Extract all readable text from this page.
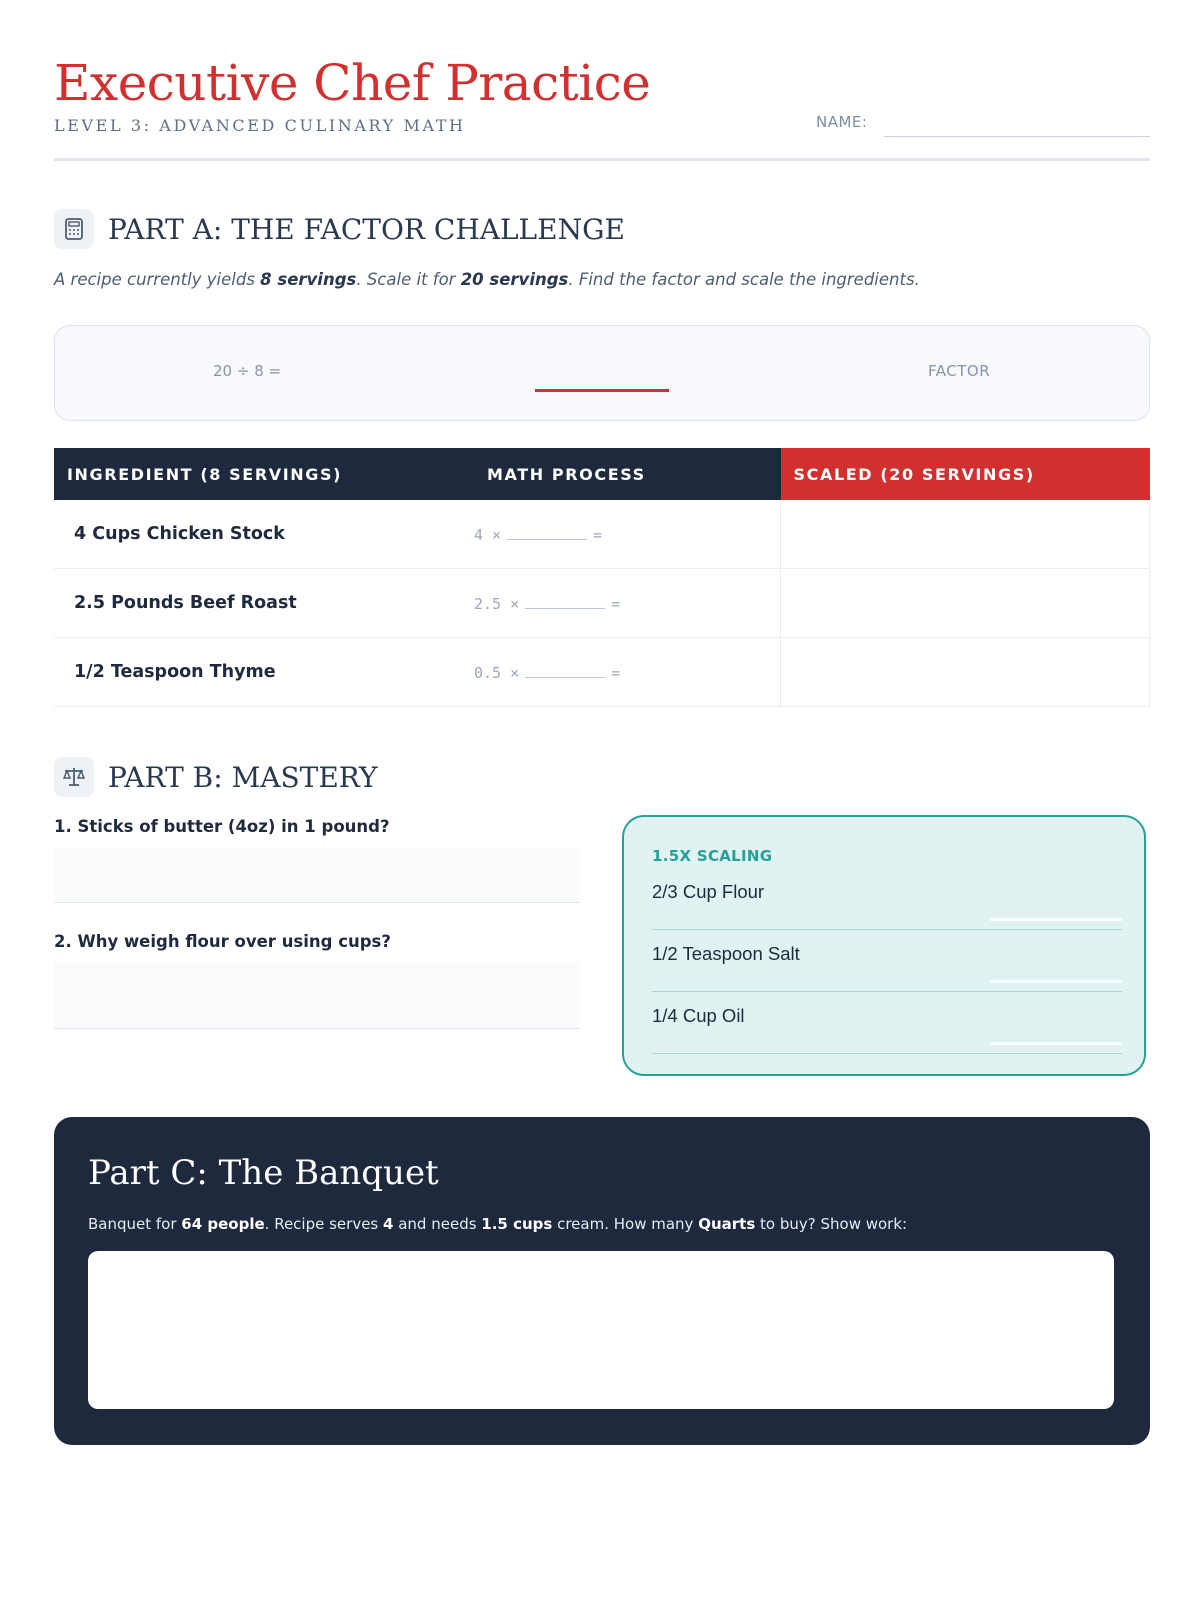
Executive Chef Practice
LEVEL 3: ADVANCED CULINARY MATH	NAME:
PART A: THE FACTOR CHALLENGE
A recipe currently yields 8 servings. Scale it for 20 servings. Find the factor and scale the ingredients.
20 ÷ 8 =	FACTOR
INGREDIENT (8 SERVINGS)	MATH PROCESS	SCALED (20 SERVINGS)
4 Cups Chicken Stock	4 × =	
2.5 Pounds Beef Roast	2.5 × =	
1/2 Teaspoon Thyme	0.5 × =	
PART B: MASTERY
1. Sticks of butter (4oz) in 1 pound?
2. Why weigh flour over using cups?
1.5X SCALING
2/3 Cup Flour
1/2 Teaspoon Salt
1/4 Cup Oil
Part C: The Banquet
Banquet for 64 people. Recipe serves 4 and needs 1.5 cups cream. How many Quarts to buy? Show work:
